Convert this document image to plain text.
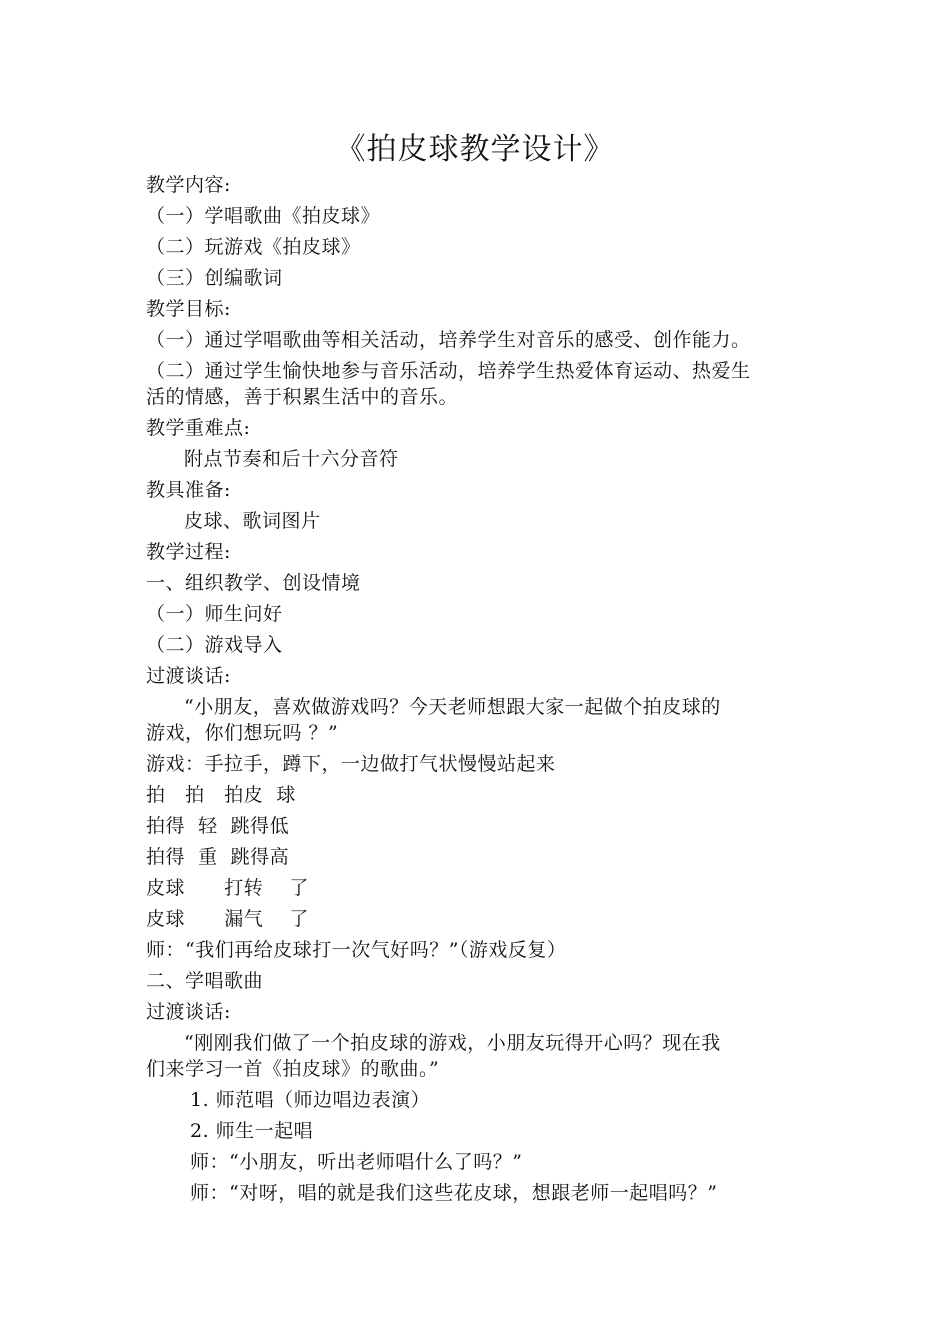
《拍皮球教学设计》
教学内容:
（一）学唱歌曲《拍皮球》
（二）玩游戏《拍皮球》
（三）创编歌词
教学目标:
（一）通过学唱歌曲等相关活动，培养学生对音乐的感受、创作能力。
（二）通过学生愉快地参与音乐活动，培养学生热爱体育运动、热爱生
活的情感，善于积累生活中的音乐。
教学重难点:
附点节奏和后十六分音符
教具准备:
皮球、歌词图片
教学过程:
一、组织教学、创设情境
（一）师生问好
（二）游戏导入
过渡谈话:
“小朋友，喜欢做游戏吗？今天老师想跟大家一起做个拍皮球的
游戏，你们想玩吗 ？”
游戏：手拉手，蹲下，一边做打气状慢慢站起来
拍   拍   拍皮  球
拍得  轻  跳得低
拍得  重  跳得高
皮球      打转    了
皮球      漏气    了
师：“我们再给皮球打一次气好吗？”（游戏反复）
二、学唱歌曲
过渡谈话:
“刚刚我们做了一个拍皮球的游戏，小朋友玩得开心吗？现在我
们来学习一首《拍皮球》的歌曲。”
1. 师范唱（师边唱边表演）
2. 师生一起唱
师：“小朋友，听出老师唱什么了吗？”
师：“对呀，唱的就是我们这些花皮球，想跟老师一起唱吗？”
